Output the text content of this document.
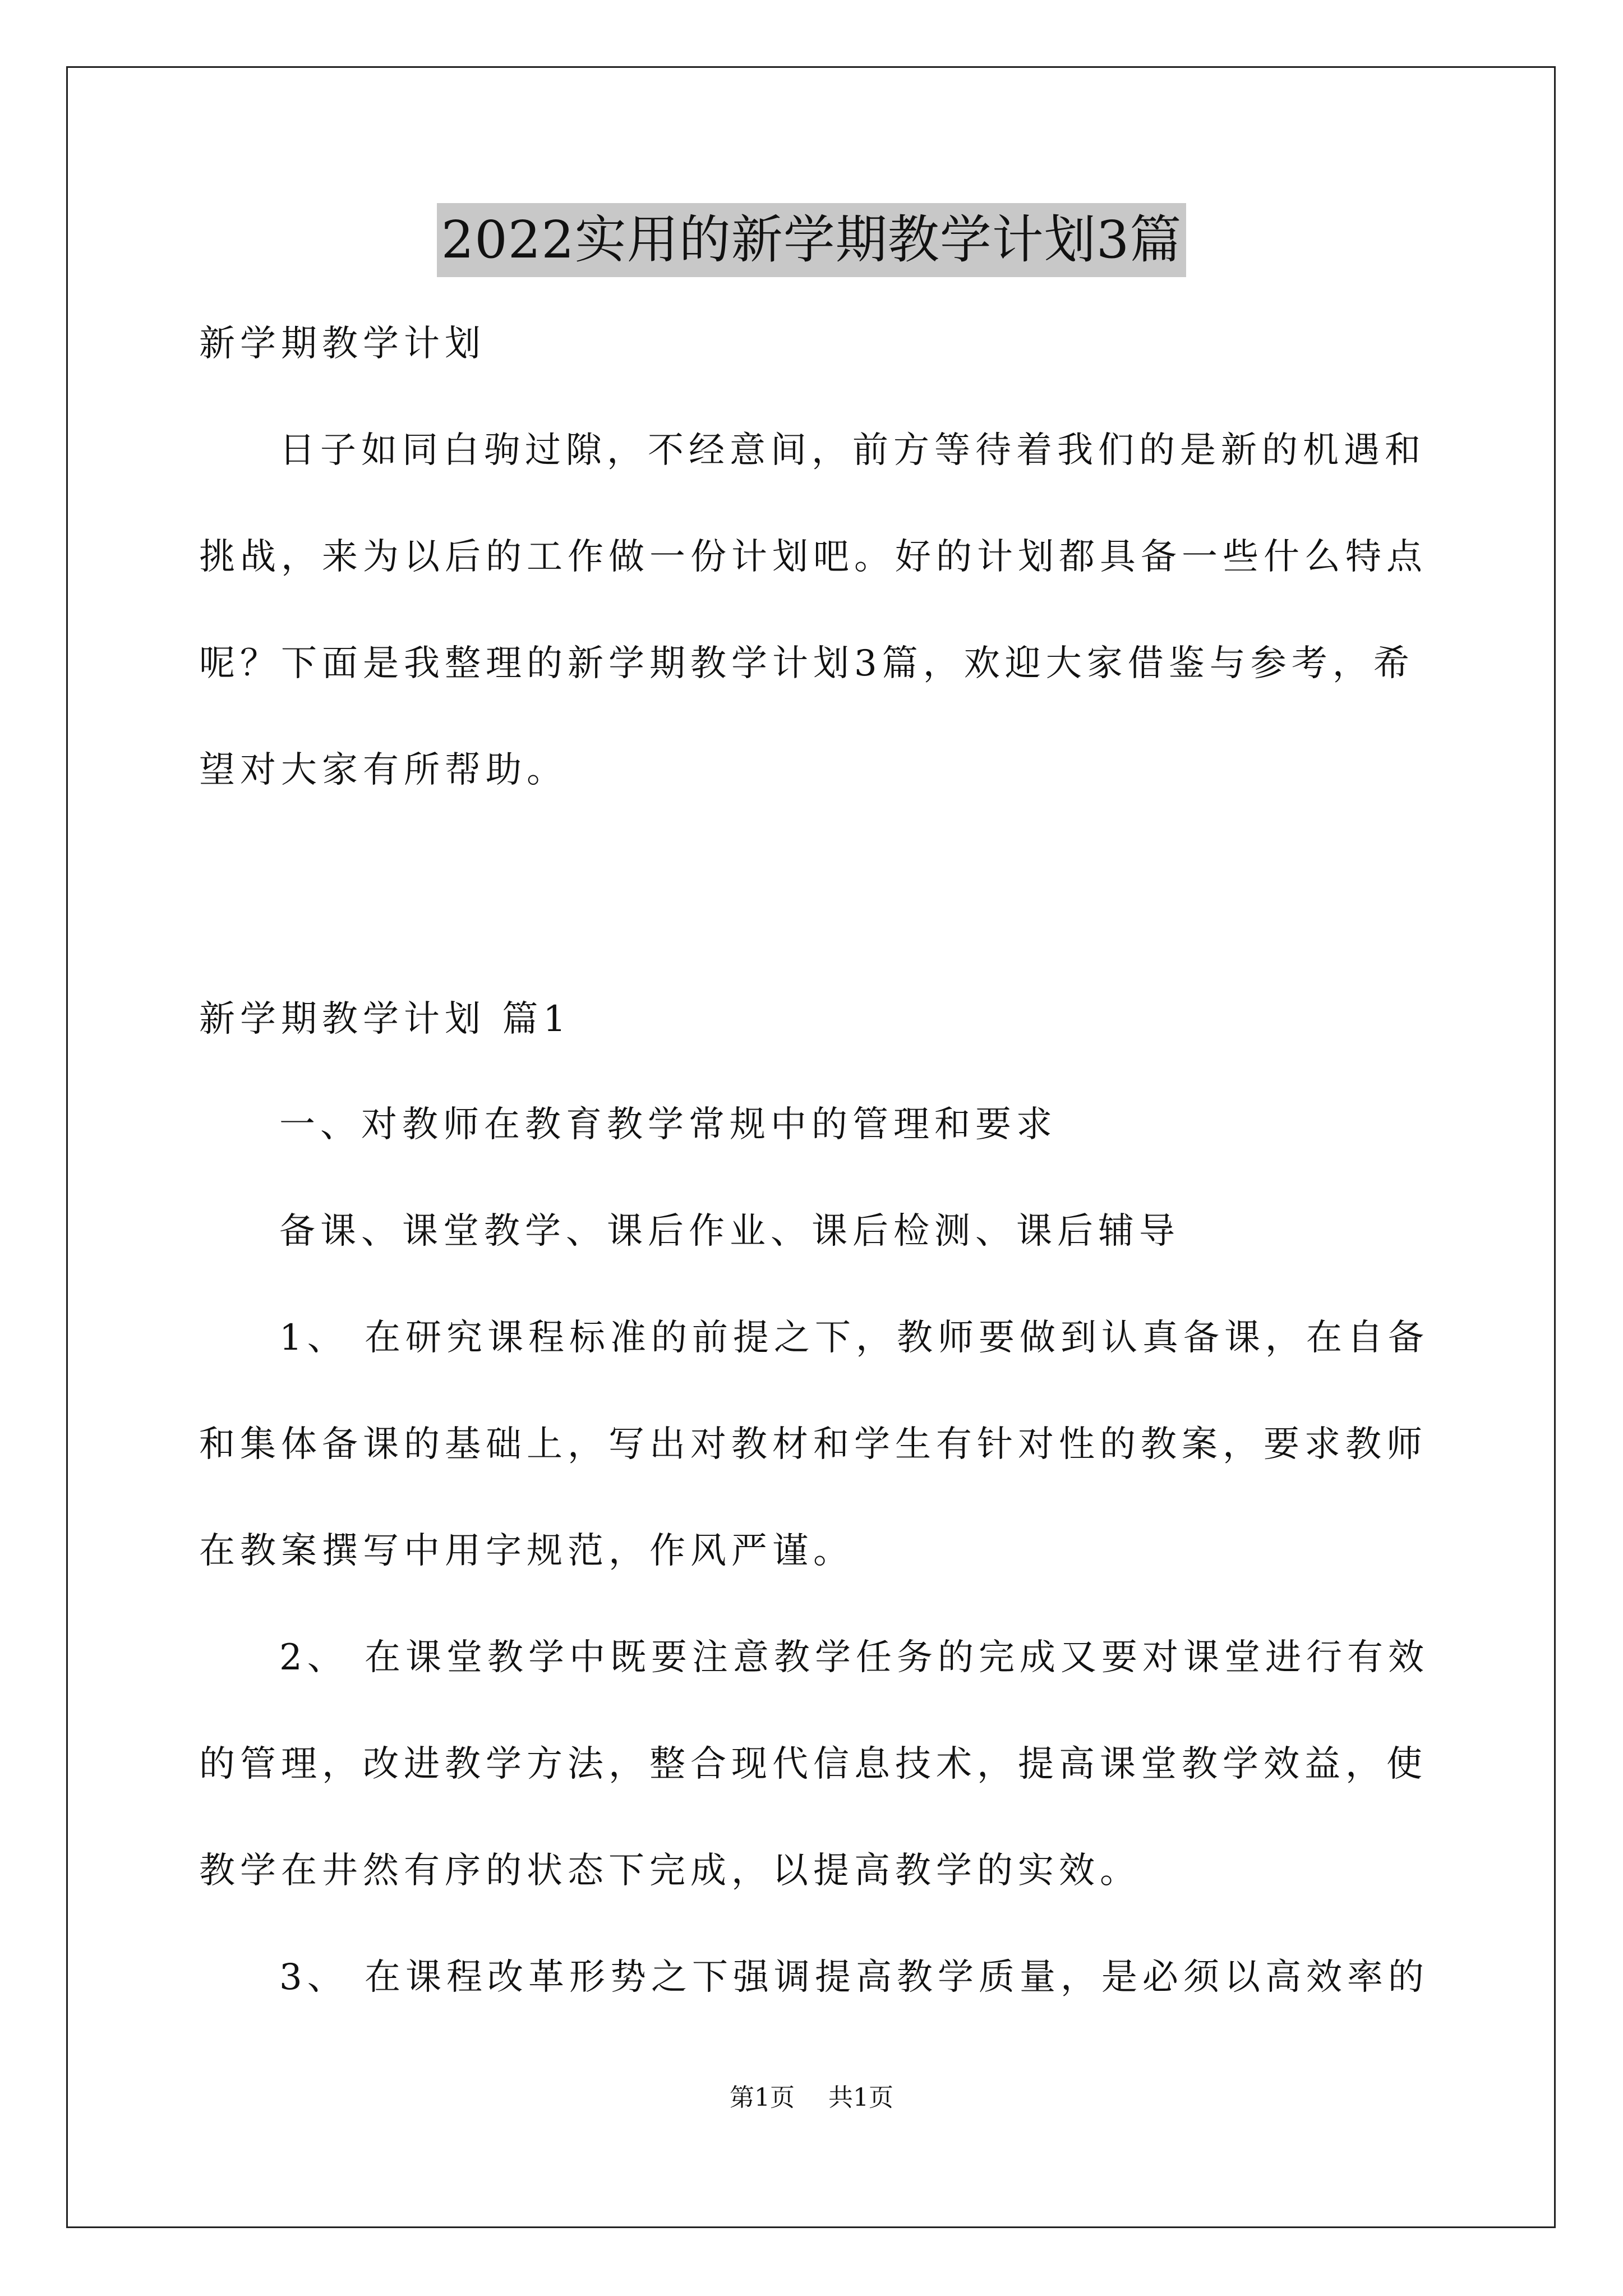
2022实用的新学期教学计划3篇
新学期教学计划
日子如同白驹过隙，不经意间，前方等待着我们的是新的机遇和
挑战，来为以后的工作做一份计划吧。好的计划都具备一些什么特点
呢？下面是我整理的新学期教学计划3篇，欢迎大家借鉴与参考，希
望对大家有所帮助。
新学期教学计划 篇1
一、对教师在教育教学常规中的管理和要求
备课、课堂教学、课后作业、课后检测、课后辅导
1、 在研究课程标准的前提之下，教师要做到认真备课，在自备
和集体备课的基础上，写出对教材和学生有针对性的教案，要求教师
在教案撰写中用字规范，作风严谨。
2、 在课堂教学中既要注意教学任务的完成又要对课堂进行有效
的管理，改进教学方法，整合现代信息技术，提高课堂教学效益，使
教学在井然有序的状态下完成，以提高教学的实效。
3、 在课程改革形势之下强调提高教学质量，是必须以高效率的
第1页 共1页
